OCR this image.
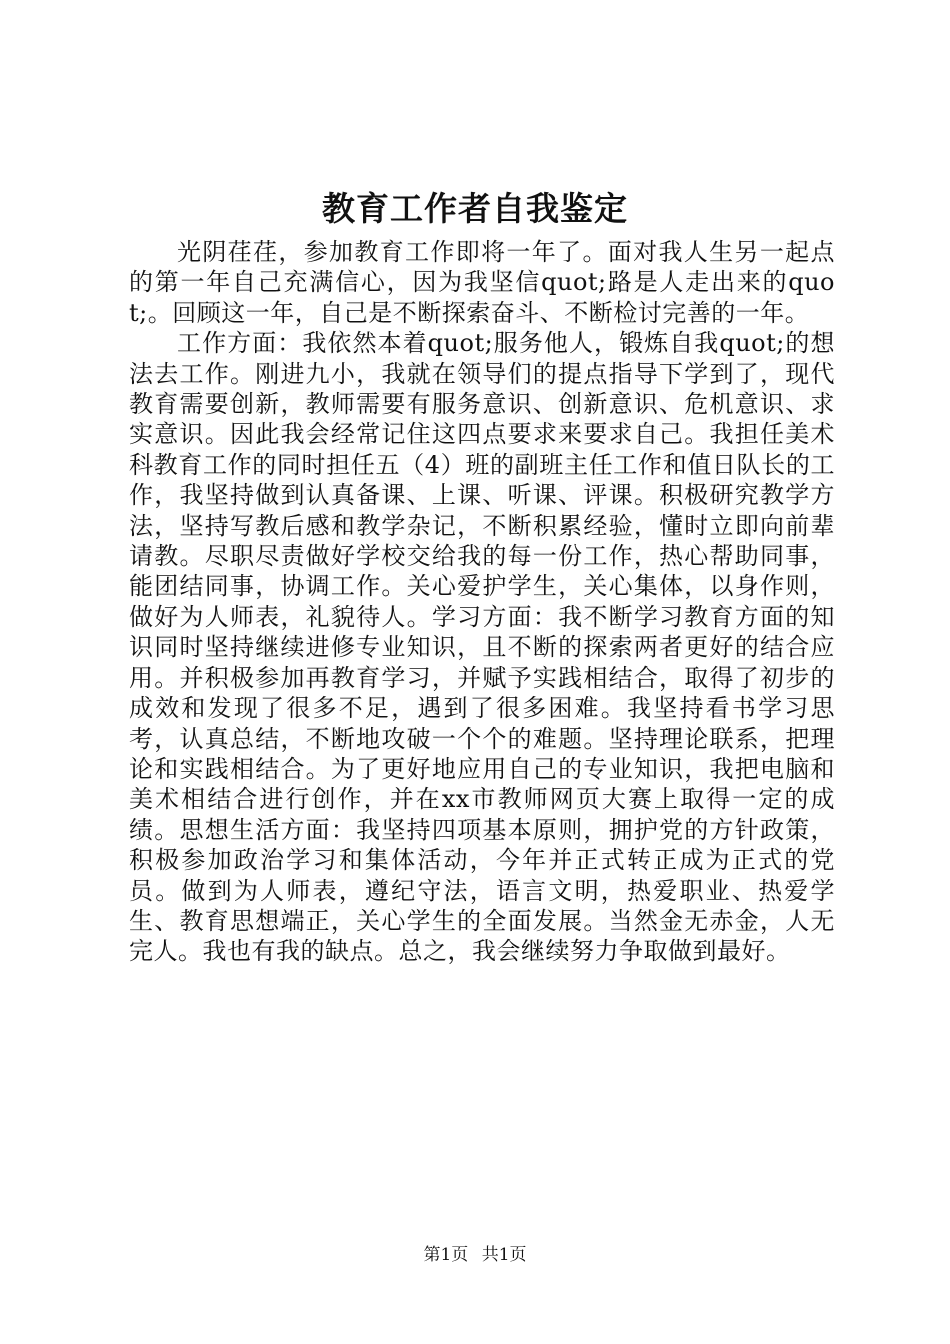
教育工作者自我鉴定

光阴荏荏，参加教育工作即将一年了。面对我人生另一起点的第一年自己充满信心，因为我坚信quot;路是人走出来的quot;。回顾这一年，自己是不断探索奋斗、不断检讨完善的一年。

工作方面：我依然本着quot;服务他人，锻炼自我quot;的想法去工作。刚进九小，我就在领导们的提点指导下学到了，现代教育需要创新，教师需要有服务意识、创新意识、危机意识、求实意识。因此我会经常记住这四点要求来要求自己。我担任美术科教育工作的同时担任五（4）班的副班主任工作和值日队长的工作，我坚持做到认真备课、上课、听课、评课。积极研究教学方法，坚持写教后感和教学杂记，不断积累经验，懂时立即向前辈请教。尽职尽责做好学校交给我的每一份工作，热心帮助同事，能团结同事，协调工作。关心爱护学生，关心集体，以身作则，做好为人师表，礼貌待人。学习方面：我不断学习教育方面的知识同时坚持继续进修专业知识，且不断的探索两者更好的结合应用。并积极参加再教育学习，并赋予实践相结合，取得了初步的成效和发现了很多不足，遇到了很多困难。我坚持看书学习思考，认真总结，不断地攻破一个个的难题。坚持理论联系，把理论和实践相结合。为了更好地应用自己的专业知识，我把电脑和美术相结合进行创作，并在xx市教师网页大赛上取得一定的成绩。思想生活方面：我坚持四项基本原则，拥护党的方针政策，积极参加政治学习和集体活动，今年并正式转正成为正式的党员。做到为人师表，遵纪守法，语言文明，热爱职业、热爱学生、教育思想端正，关心学生的全面发展。当然金无赤金，人无完人。我也有我的缺点。总之，我会继续努力争取做到最好。

第1页 共1页
